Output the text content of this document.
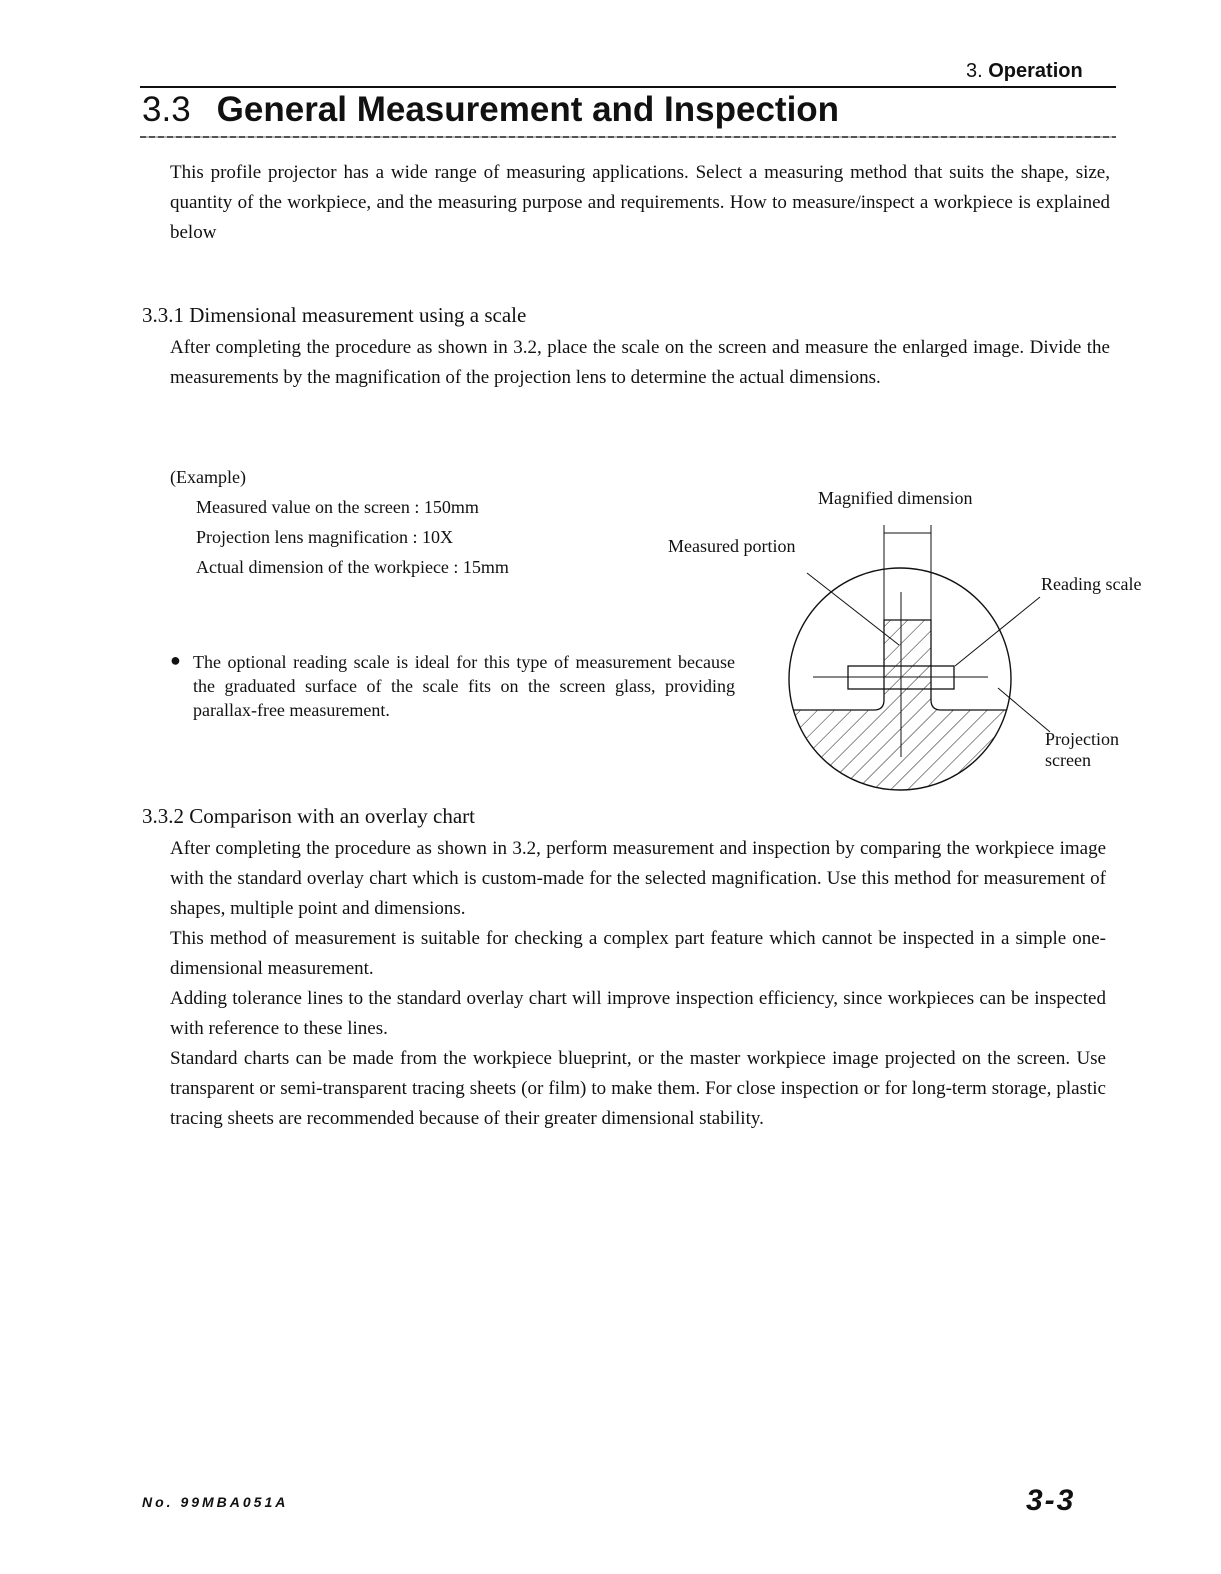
3. Operation
3.3 General Measurement and Inspection
This profile projector has a wide range of measuring applications. Select a measuring method that suits the shape, size, quantity of the workpiece, and the measuring purpose and requirements. How to measure/inspect a workpiece is explained below
3.3.1 Dimensional measurement using a scale
After completing the procedure as shown in 3.2, place the scale on the screen and measure the enlarged image. Divide the measurements by the magnification of the projection lens to determine the actual dimensions.
(Example)
Measured value on the screen : 150mm
Projection lens magnification : 10X
Actual dimension of the workpiece : 15mm
● The optional reading scale is ideal for this type of measurement because the graduated surface of the scale fits on the screen glass, providing parallax-free measurement.
Magnified dimension
Measured portion
Reading scale
Projection
screen
3.3.2 Comparison with an overlay chart
After completing the procedure as shown in 3.2, perform measurement and inspection by comparing the workpiece image with the standard overlay chart which is custom-made for the selected magnification. Use this method for measurement of shapes, multiple point and dimensions.
This method of measurement is suitable for checking a complex part feature which cannot be inspected in a simple one-dimensional measurement.
Adding tolerance lines to the standard overlay chart will improve inspection efficiency, since workpieces can be inspected with reference to these lines.
Standard charts can be made from the workpiece blueprint, or the master workpiece image projected on the screen. Use transparent or semi-transparent tracing sheets (or film) to make them. For close inspection or for long-term storage, plastic tracing sheets are recommended because of their greater dimensional stability.
No. 99MBA051A	3-3
